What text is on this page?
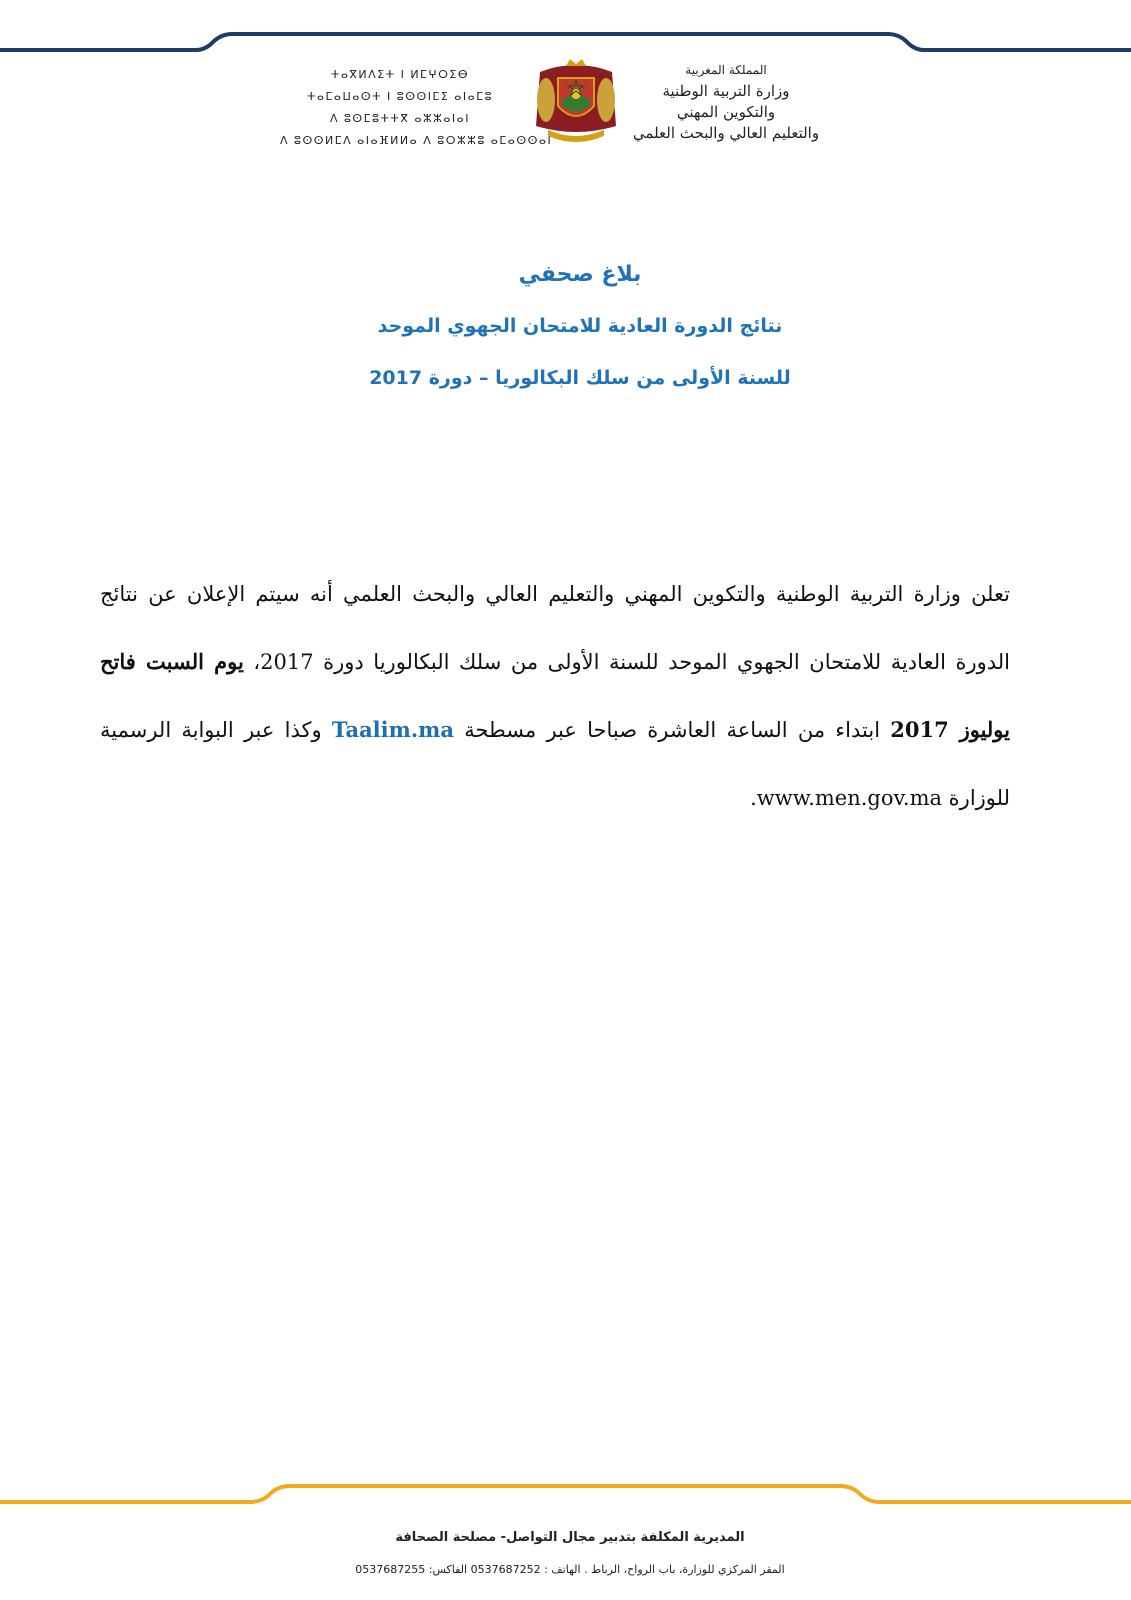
ⵜⴰⴳⵍⴷⵉⵜ ⵏ ⵍⵎⵖⵔⵉⴱ
ⵜⴰⵎⴰⵡⴰⵙⵜ ⵏ ⵓⵙⵙⵏⵎⵉ ⴰⵏⴰⵎⵓ
ⴷ ⵓⵙⵎⵓⵜⵜⴳ ⴰⵣⵣⴰⵏⴰⵏ
ⴷ ⵓⵙⵙⵍⵎⴷ ⴰⵏⴰⴼⵍⵍⴰ ⴷ ⵓⵔⵣⵣⵓ ⴰⵎⴰⵙⵙⴰⵏ
المملكة المغربية
وزارة التربية الوطنية
والتكوين المهني
والتعليم العالي والبحث العلمي
بلاغ صحفي
نتائج الدورة العادية للامتحان الجهوي الموحد
للسنة الأولى من سلك البكالوريا – دورة 2017
تعلن وزارة التربية الوطنية والتكوين المهني والتعليم العالي والبحث العلمي أنه سيتم الإعلان عن نتائج الدورة العادية للامتحان الجهوي الموحد للسنة الأولى من سلك البكالوريا دورة 2017، يوم السبت فاتح يوليوز 2017 ابتداء من الساعة العاشرة صباحا عبر مسطحة Taalim.ma وكذا عبر البوابة الرسمية للوزارة www.men.gov.ma.
المديرية المكلفة بتدبير مجال التواصل- مصلحة الصحافة
المقر المركزي للوزارة، باب الرواح، الرباط . الهاتف : 0537687252 الفاكس: 0537687255
